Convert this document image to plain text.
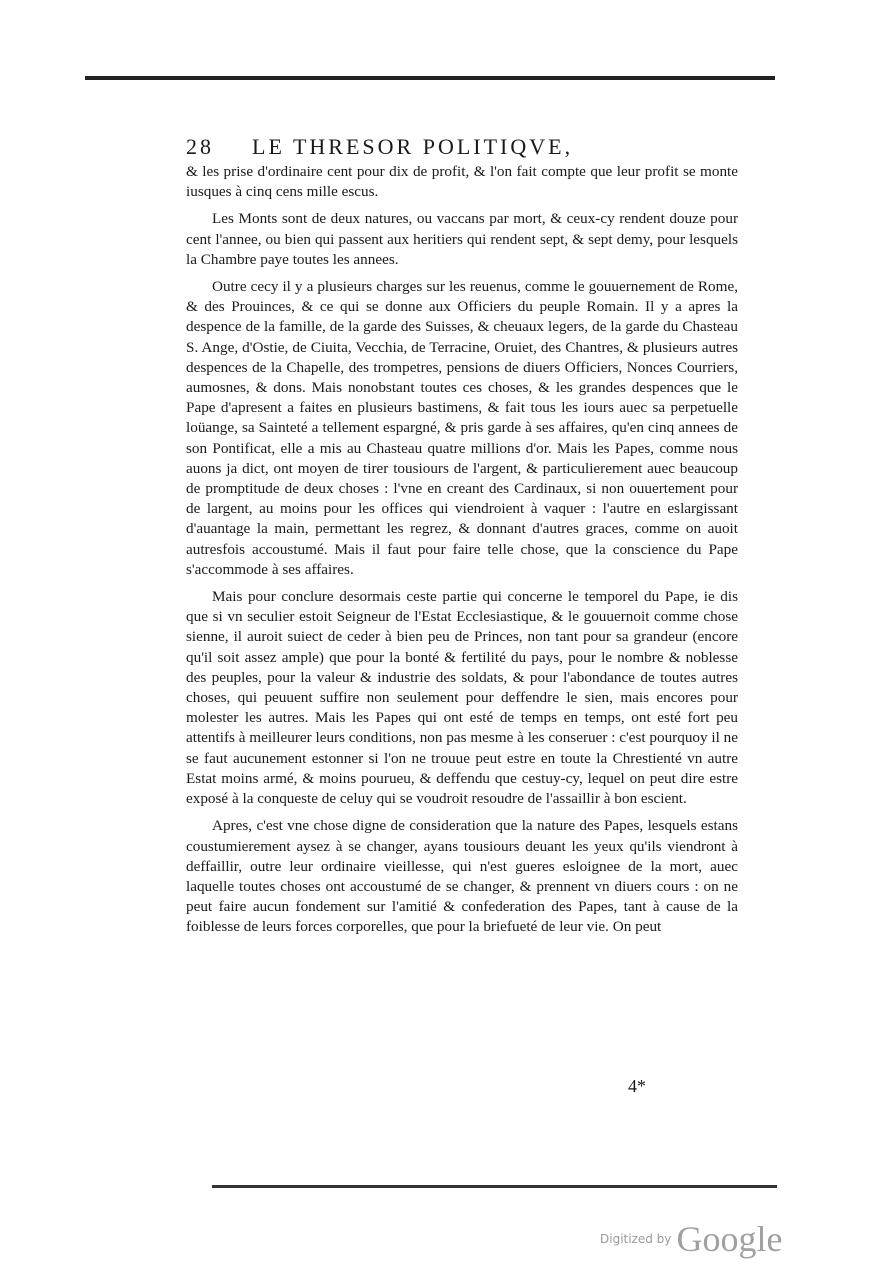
28 LE THRESOR POLITIQVE,

& les prise d'ordinaire cent pour dix de profit, & l'on fait compte que leur profit se monte iusques à cinq cens mille escus.

Les Monts sont de deux natures, ou vaccans par mort, & ceux-cy rendent douze pour cent l'annee, ou bien qui passent aux heritiers qui rendent sept, & sept demy, pour lesquels la Chambre paye toutes les annees.

Outre cecy il y a plusieurs charges sur les reuenus, comme le gouuernement de Rome, & des Prouinces, & ce qui se donne aux Officiers du peuple Romain. Il y a apres la despence de la famille, de la garde des Suisses, & cheuaux legers, de la garde du Chasteau S. Ange, d'Ostie, de Ciuita, Vecchia, de Terracine, Oruiet, des Chantres, & plusieurs autres despences de la Chapelle, des trompetres, pensions de diuers Officiers, Nonces Courriers, aumosnes, & dons. Mais nonobstant toutes ces choses, & les grandes despences que le Pape d'apresent a faites en plusieurs bastimens, & fait tous les iours auec sa perpetuelle loüange, sa Sainteté a tellement espargné, & pris garde à ses affaires, qu'en cinq annees de son Pontificat, elle a mis au Chasteau quatre millions d'or. Mais les Papes, comme nous auons ja dict, ont moyen de tirer tousiours de l'argent, & particulierement auec beaucoup de promptitude de deux choses : l'vne en creant des Cardinaux, si non ouuertement pour de largent, au moins pour les offices qui viendroient à vaquer : l'autre en eslargissant d'auantage la main, permettant les regrez, & donnant d'autres graces, comme on auoit autresfois accoustumé. Mais il faut pour faire telle chose, que la conscience du Pape s'accommode à ses affaires.

Mais pour conclure desormais ceste partie qui concerne le temporel du Pape, ie dis que si vn seculier estoit Seigneur de l'Estat Ecclesiastique, & le gouuernoit comme chose sienne, il auroit suiect de ceder à bien peu de Princes, non tant pour sa grandeur (encore qu'il soit assez ample) que pour la bonté & fertilité du pays, pour le nombre & noblesse des peuples, pour la valeur & industrie des soldats, & pour l'abondance de toutes autres choses, qui peuuent suffire non seulement pour deffendre le sien, mais encores pour molester les autres. Mais les Papes qui ont esté de temps en temps, ont esté fort peu attentifs à meilleurer leurs conditions, non pas mesme à les conseruer : c'est pourquoy il ne se faut aucunement estonner si l'on ne trouue peut estre en toute la Chrestienté vn autre Estat moins armé, & moins pourueu, & deffendu que cestuy-cy, lequel on peut dire estre exposé à la conqueste de celuy qui se voudroit resoudre de l'assaillir à bon escient.

Apres, c'est vne chose digne de consideration que la nature des Papes, lesquels estans coustumierement aysez à se changer, ayans tousiours deuant les yeux qu'ils viendront à deffaillir, outre leur ordinaire vieillesse, qui n'est gueres esloignee de la mort, auec laquelle toutes choses ont accoustumé de se changer, & prennent vn diuers cours : on ne peut faire aucun fondement sur l'amitié & confederation des Papes, tant à cause de la foiblesse de leurs forces corporelles, que pour la briefueté de leur vie. On peut

4*
Digitized by Google
